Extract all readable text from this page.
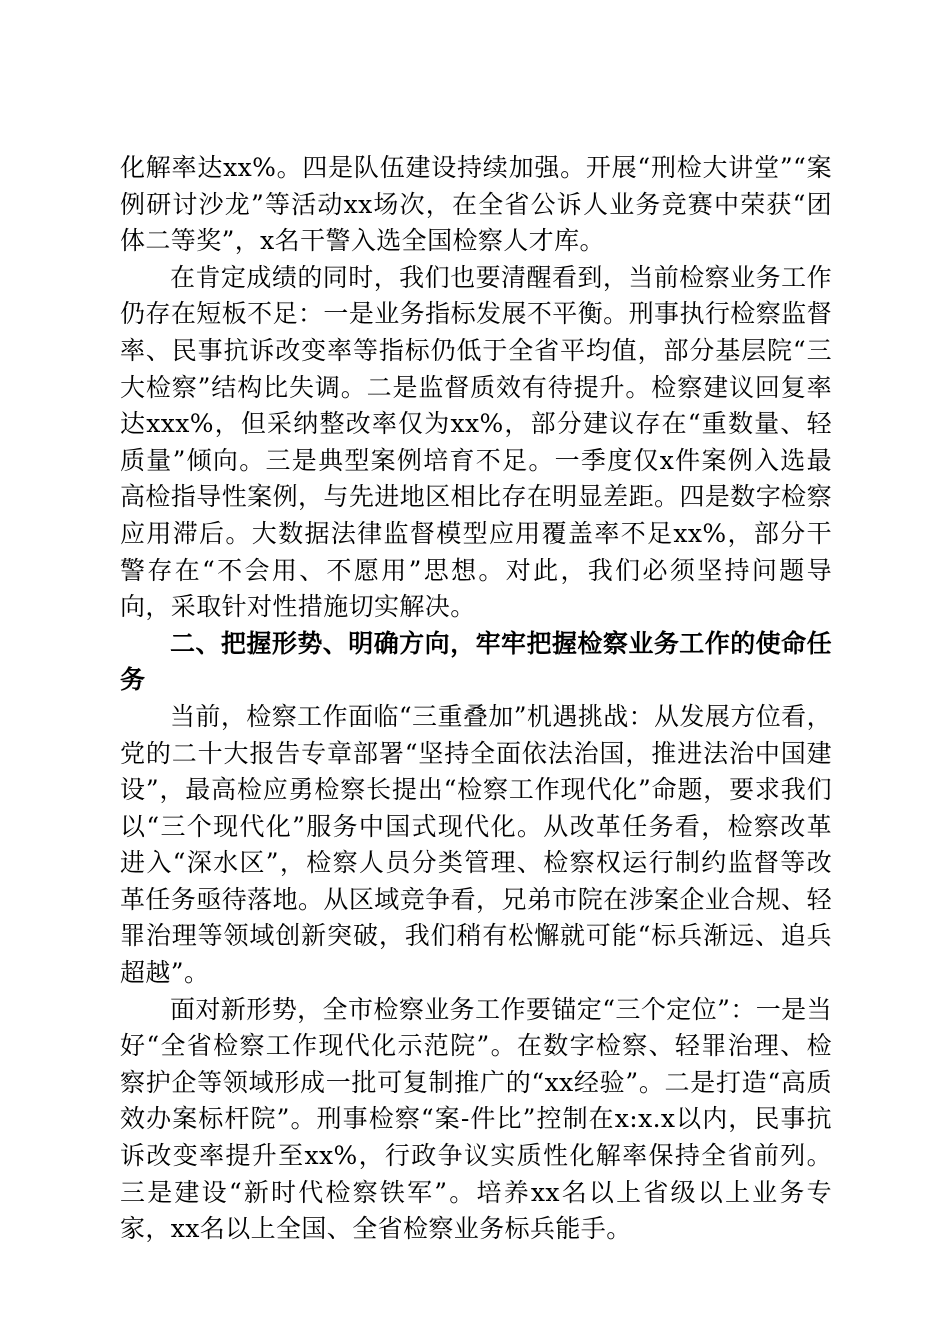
化解率达xx%。四是队伍建设持续加强。开展“刑检大讲堂”“案例研讨沙龙”等活动xx场次，在全省公诉人业务竞赛中荣获“团体二等奖”，x名干警入选全国检察人才库。

在肯定成绩的同时，我们也要清醒看到，当前检察业务工作仍存在短板不足：一是业务指标发展不平衡。刑事执行检察监督率、民事抗诉改变率等指标仍低于全省平均值，部分基层院“三大检察”结构比失调。二是监督质效有待提升。检察建议回复率达xxx%，但采纳整改率仅为xx%，部分建议存在“重数量、轻质量”倾向。三是典型案例培育不足。一季度仅x件案例入选最高检指导性案例，与先进地区相比存在明显差距。四是数字检察应用滞后。大数据法律监督模型应用覆盖率不足xx%，部分干警存在“不会用、不愿用”思想。对此，我们必须坚持问题导向，采取针对性措施切实解决。

二、把握形势、明确方向，牢牢把握检察业务工作的使命任务

当前，检察工作面临“三重叠加”机遇挑战：从发展方位看，党的二十大报告专章部署“坚持全面依法治国，推进法治中国建设”，最高检应勇检察长提出“检察工作现代化”命题，要求我们以“三个现代化”服务中国式现代化。从改革任务看，检察改革进入“深水区”，检察人员分类管理、检察权运行制约监督等改革任务亟待落地。从区域竞争看，兄弟市院在涉案企业合规、轻罪治理等领域创新突破，我们稍有松懈就可能“标兵渐远、追兵超越”。

面对新形势，全市检察业务工作要锚定“三个定位”：一是当好“全省检察工作现代化示范院”。在数字检察、轻罪治理、检察护企等领域形成一批可复制推广的“xx经验”。二是打造“高质效办案标杆院”。刑事检察“案-件比”控制在x:x.x以内，民事抗诉改变率提升至xx%，行政争议实质性化解率保持全省前列。三是建设“新时代检察铁军”。培养xx名以上省级以上业务专家，xx名以上全国、全省检察业务标兵能手。
